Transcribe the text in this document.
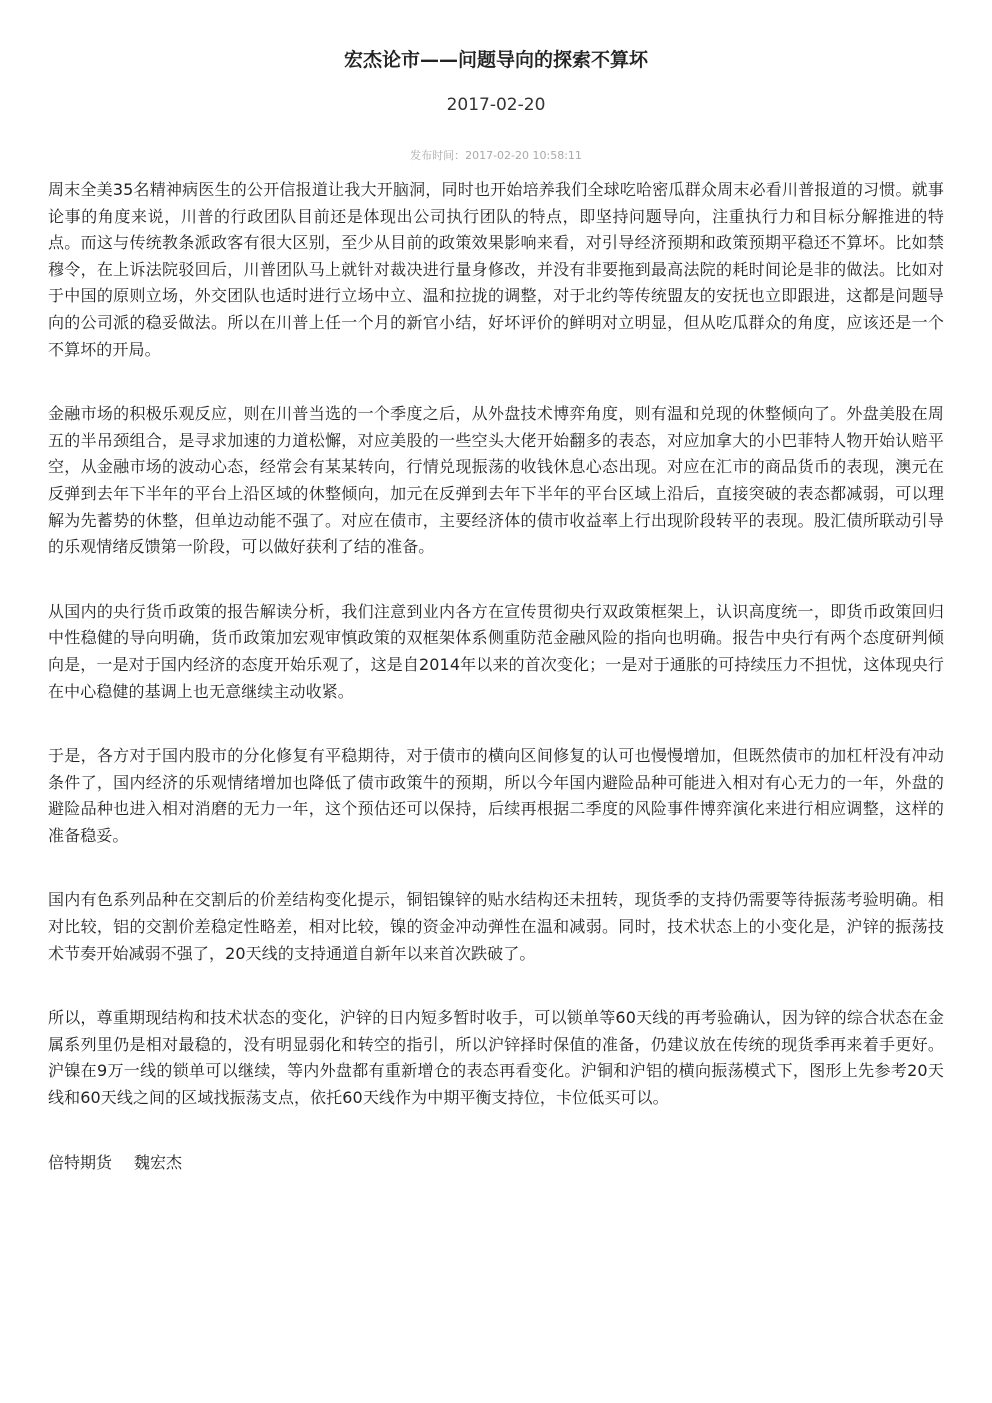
宏杰论市——问题导向的探索不算坏
2017-02-20
发布时间：2017-02-20 10:58:11

周末全美35名精神病医生的公开信报道让我大开脑洞，同时也开始培养我们全球吃哈密瓜群众周末必看川普报道的习惯。就事论事的角度来说，川普的行政团队目前还是体现出公司执行团队的特点，即坚持问题导向，注重执行力和目标分解推进的特点。而这与传统教条派政客有很大区别，至少从目前的政策效果影响来看，对引导经济预期和政策预期平稳还不算坏。比如禁穆令，在上诉法院驳回后，川普团队马上就针对裁决进行量身修改，并没有非要拖到最高法院的耗时间论是非的做法。比如对于中国的原则立场，外交团队也适时进行立场中立、温和拉拢的调整，对于北约等传统盟友的安抚也立即跟进，这都是问题导向的公司派的稳妥做法。所以在川普上任一个月的新官小结，好坏评价的鲜明对立明显，但从吃瓜群众的角度，应该还是一个不算坏的开局。

金融市场的积极乐观反应，则在川普当选的一个季度之后，从外盘技术博弈角度，则有温和兑现的休整倾向了。外盘美股在周五的半吊颈组合，是寻求加速的力道松懈，对应美股的一些空头大佬开始翻多的表态，对应加拿大的小巴菲特人物开始认赔平空，从金融市场的波动心态，经常会有某某转向，行情兑现振荡的收钱休息心态出现。对应在汇市的商品货币的表现，澳元在反弹到去年下半年的平台上沿区域的休整倾向，加元在反弹到去年下半年的平台区域上沿后，直接突破的表态都减弱，可以理解为先蓄势的休整，但单边动能不强了。对应在债市，主要经济体的债市收益率上行出现阶段转平的表现。股汇债所联动引导的乐观情绪反馈第一阶段，可以做好获利了结的准备。

从国内的央行货币政策的报告解读分析，我们注意到业内各方在宣传贯彻央行双政策框架上，认识高度统一，即货币政策回归中性稳健的导向明确，货币政策加宏观审慎政策的双框架体系侧重防范金融风险的指向也明确。报告中央行有两个态度研判倾向是，一是对于国内经济的态度开始乐观了，这是自2014年以来的首次变化；一是对于通胀的可持续压力不担忧，这体现央行在中心稳健的基调上也无意继续主动收紧。

于是，各方对于国内股市的分化修复有平稳期待，对于债市的横向区间修复的认可也慢慢增加，但既然债市的加杠杆没有冲动条件了，国内经济的乐观情绪增加也降低了债市政策牛的预期，所以今年国内避险品种可能进入相对有心无力的一年，外盘的避险品种也进入相对消磨的无力一年，这个预估还可以保持，后续再根据二季度的风险事件博弈演化来进行相应调整，这样的准备稳妥。

国内有色系列品种在交割后的价差结构变化提示，铜铝镍锌的贴水结构还未扭转，现货季的支持仍需要等待振荡考验明确。相对比较，铝的交割价差稳定性略差，相对比较，镍的资金冲动弹性在温和减弱。同时，技术状态上的小变化是，沪锌的振荡技术节奏开始减弱不强了，20天线的支持通道自新年以来首次跌破了。

所以，尊重期现结构和技术状态的变化，沪锌的日内短多暂时收手，可以锁单等60天线的再考验确认，因为锌的综合状态在金属系列里仍是相对最稳的，没有明显弱化和转空的指引，所以沪锌择时保值的准备，仍建议放在传统的现货季再来着手更好。沪镍在9万一线的锁单可以继续，等内外盘都有重新增仓的表态再看变化。沪铜和沪铝的横向振荡模式下，图形上先参考20天线和60天线之间的区域找振荡支点，依托60天线作为中期平衡支持位，卡位低买可以。

倍特期货 魏宏杰
